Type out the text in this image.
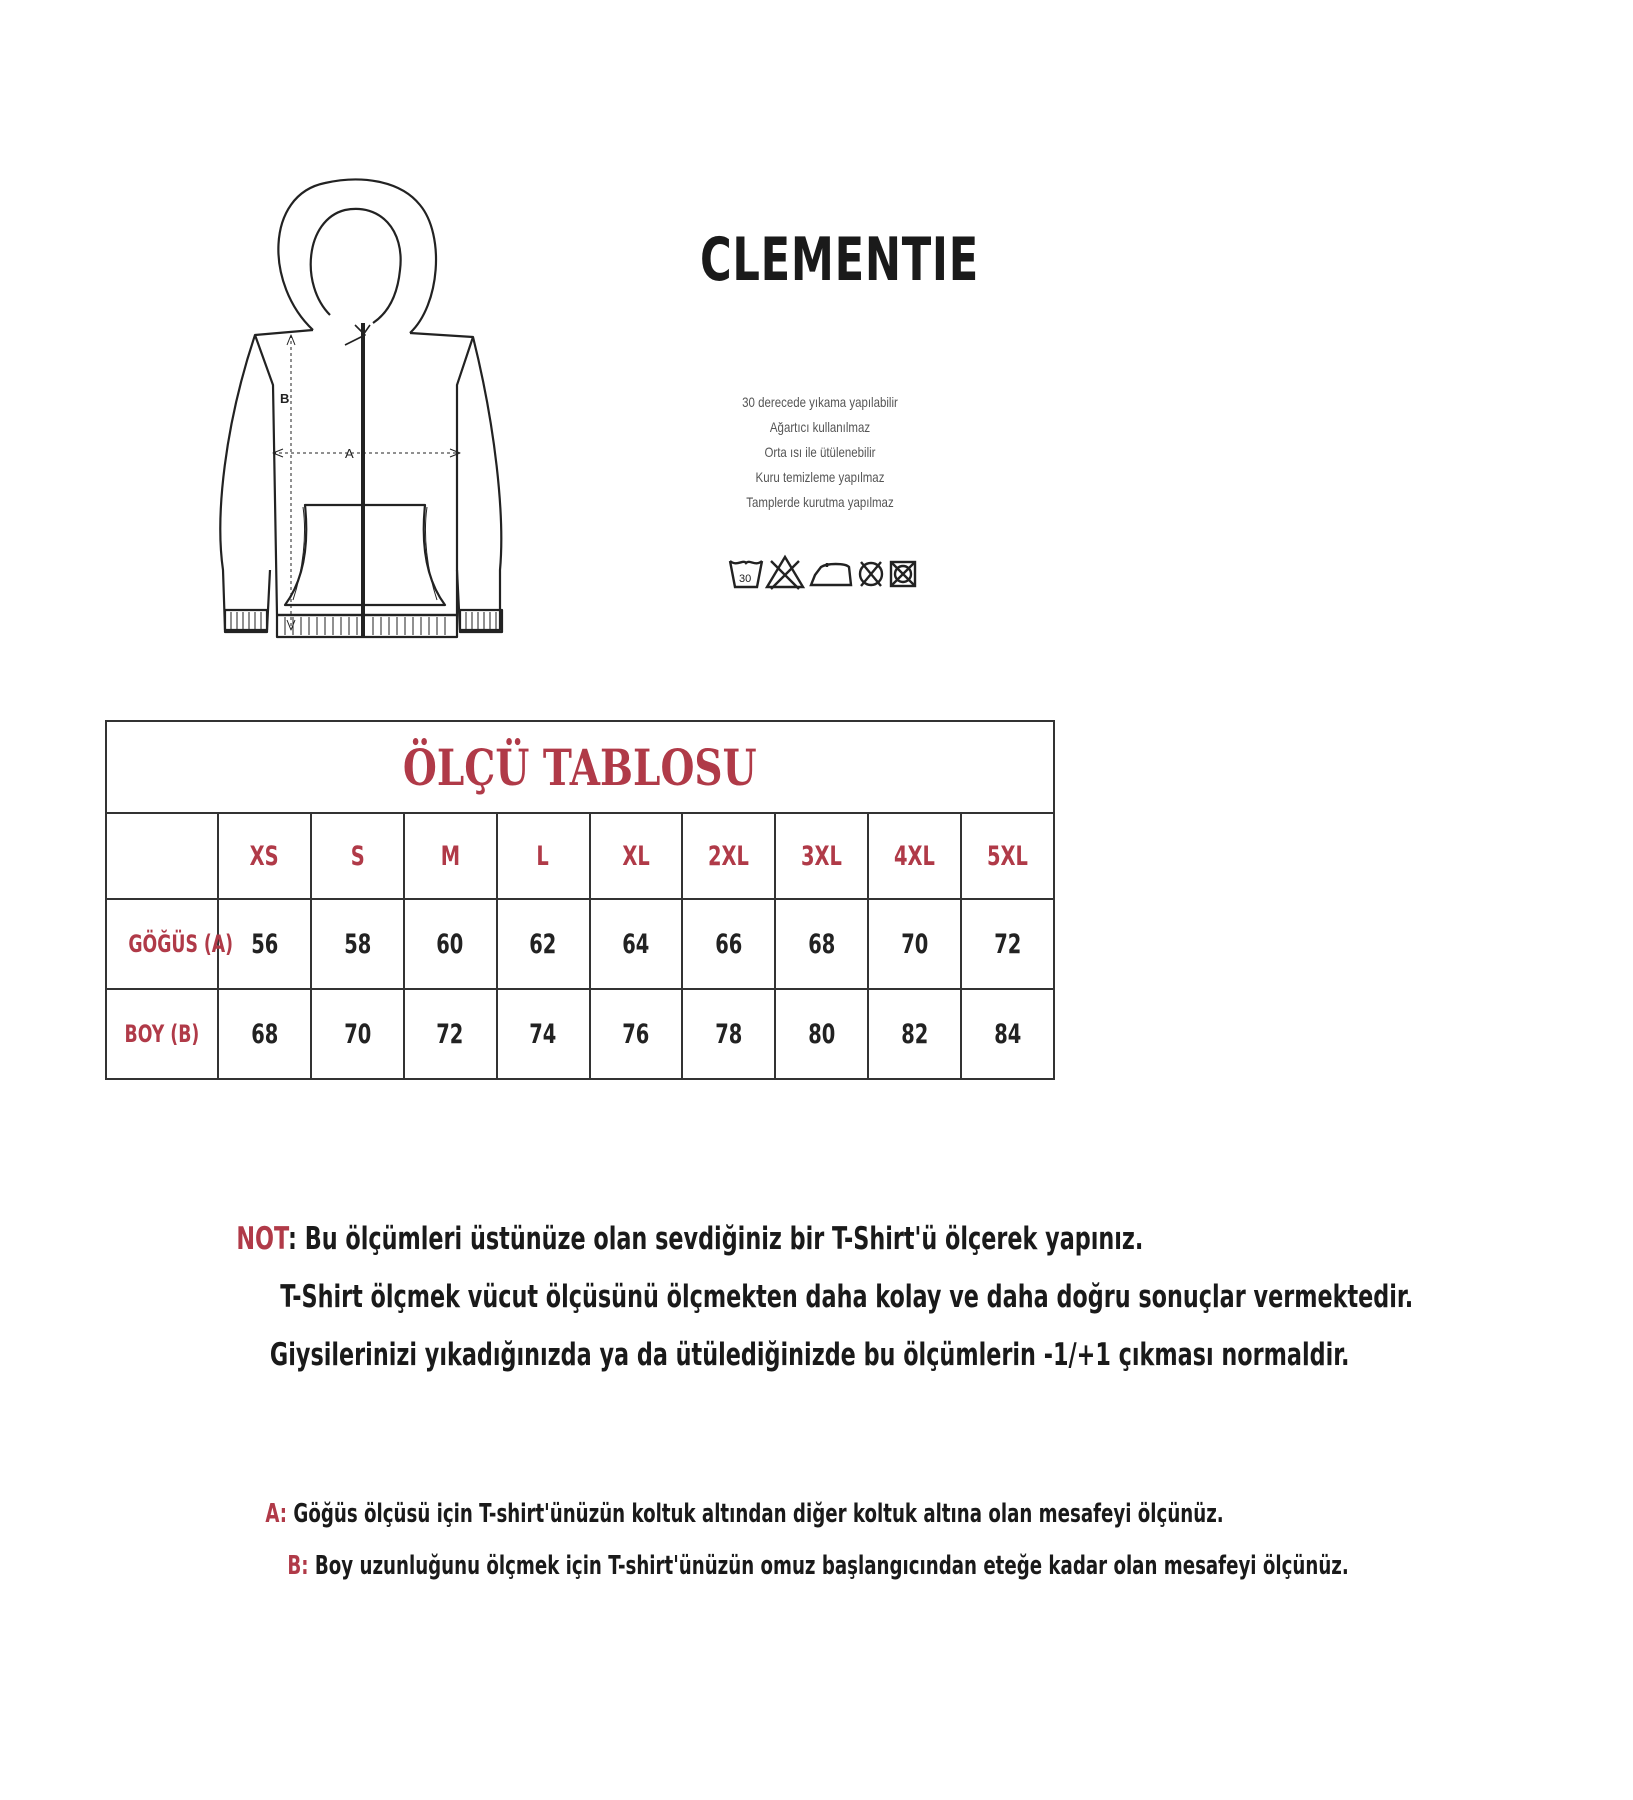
B
A
CLEMENTIE
30 derecede yıkama yapılabilir
Ağartıcı kullanılmaz
Orta ısı ile ütülenebilir
Kuru temizleme yapılmaz
Tamplerde kurutma yapılmaz
30
ÖLÇÜ TABLOSU									
	XS	S	M	L	XL	2XL	3XL	4XL	5XL
GÖĞÜS (A)	56	58	60	62	64	66	68	70	72
BOY (B)	68	70	72	74	76	78	80	82	84
NOT: Bu ölçümleri üstünüze olan sevdiğiniz bir T-Shirt'ü ölçerek yapınız.
T-Shirt ölçmek vücut ölçüsünü ölçmekten daha kolay ve daha doğru sonuçlar vermektedir.
Giysilerinizi yıkadığınızda ya da ütülediğinizde bu ölçümlerin -1/+1 çıkması normaldir.
A: Göğüs ölçüsü için T-shirt'ünüzün koltuk altından diğer koltuk altına olan mesafeyi ölçünüz.
B: Boy uzunluğunu ölçmek için T-shirt'ünüzün omuz başlangıcından eteğe kadar olan mesafeyi ölçünüz.
